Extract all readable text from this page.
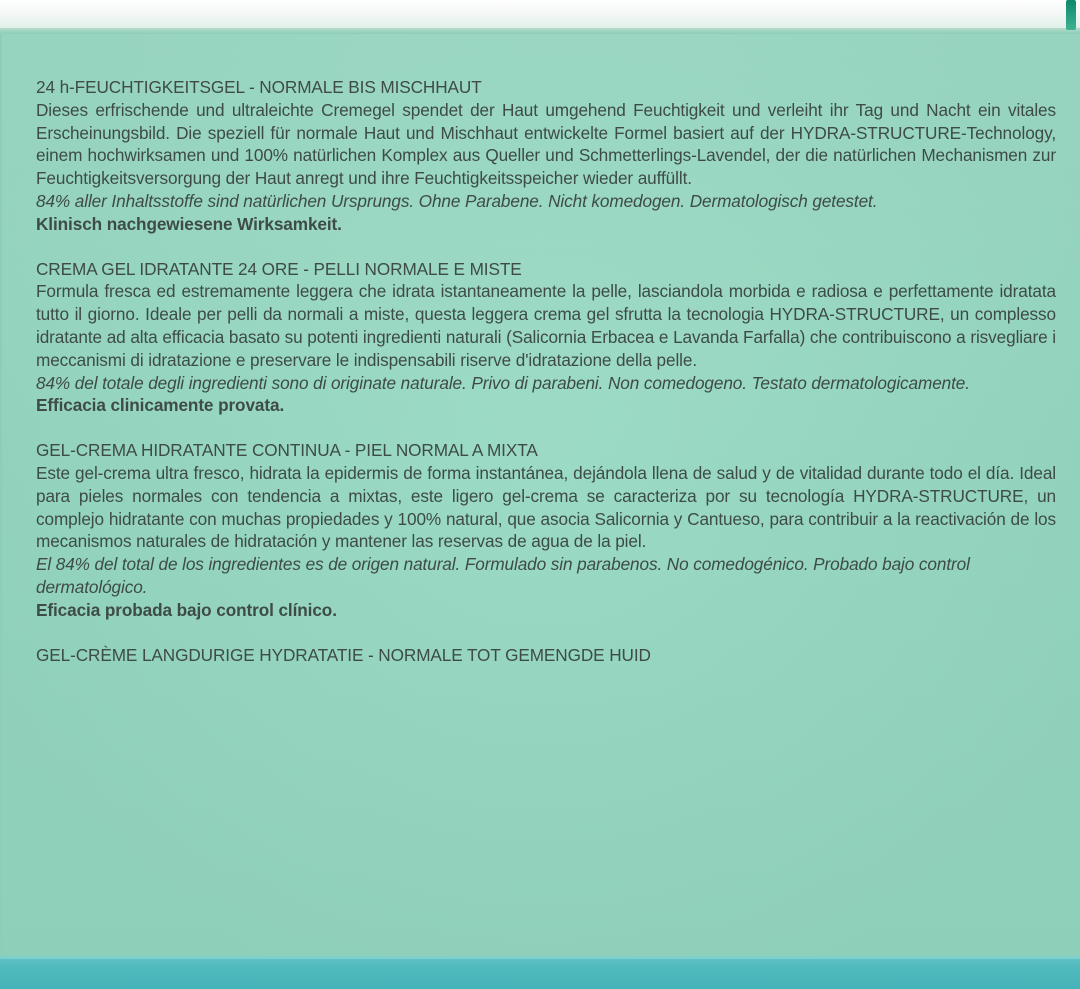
24 h-FEUCHTIGKEITSGEL - NORMALE BIS MISCHHAUT

Dieses erfrischende und ultraleichte Cremegel spendet der Haut umgehend Feuchtigkeit und verleiht ihr Tag und Nacht ein vitales Erscheinungsbild. Die speziell für normale Haut und Mischhaut entwickelte Formel basiert auf der HYDRA-STRUCTURE-Technology, einem hochwirksamen und 100% natürlichen Komplex aus Queller und Schmetterlings-Lavendel, der die natürlichen Mechanismen zur Feuchtigkeitsversorgung der Haut anregt und ihre Feuchtigkeitsspeicher wieder auffüllt.

84% aller Inhaltsstoffe sind natürlichen Ursprungs. Ohne Parabene. Nicht komedogen. Dermatologisch getestet.

Klinisch nachgewiesene Wirksamkeit.

CREMA GEL IDRATANTE 24 ORE - PELLI NORMALE E MISTE

Formula fresca ed estremamente leggera che idrata istantaneamente la pelle, lasciandola morbida e radiosa e perfettamente idratata tutto il giorno. Ideale per pelli da normali a miste, questa leggera crema gel sfrutta la tecnologia HYDRA-STRUCTURE, un complesso idratante ad alta efficacia basato su potenti ingredienti naturali (Salicornia Erbacea e Lavanda Farfalla) che contribuiscono a risvegliare i meccanismi di idratazione e preservare le indispensabili riserve d'idratazione della pelle.

84% del totale degli ingredienti sono di originate naturale. Privo di parabeni. Non comedogeno. Testato dermatologicamente.

Efficacia clinicamente provata.

GEL-CREMA HIDRATANTE CONTINUA - PIEL NORMAL A MIXTA

Este gel-crema ultra fresco, hidrata la epidermis de forma instantánea, dejándola llena de salud y de vitalidad durante todo el día. Ideal para pieles normales con tendencia a mixtas, este ligero gel-crema se caracteriza por su tecnología HYDRA-STRUCTURE, un complejo hidratante con muchas propiedades y 100% natural, que asocia Salicornia y Cantueso, para contribuir a la reactivación de los mecanismos naturales de hidratación y mantener las reservas de agua de la piel.

El 84% del total de los ingredientes es de origen natural. Formulado sin parabenos. No comedogénico. Probado bajo control dermatológico.

Eficacia probada bajo control clínico.

GEL-CRÈME LANGDURIGE HYDRATATIE - NORMALE TOT GEMENGDE HUID
